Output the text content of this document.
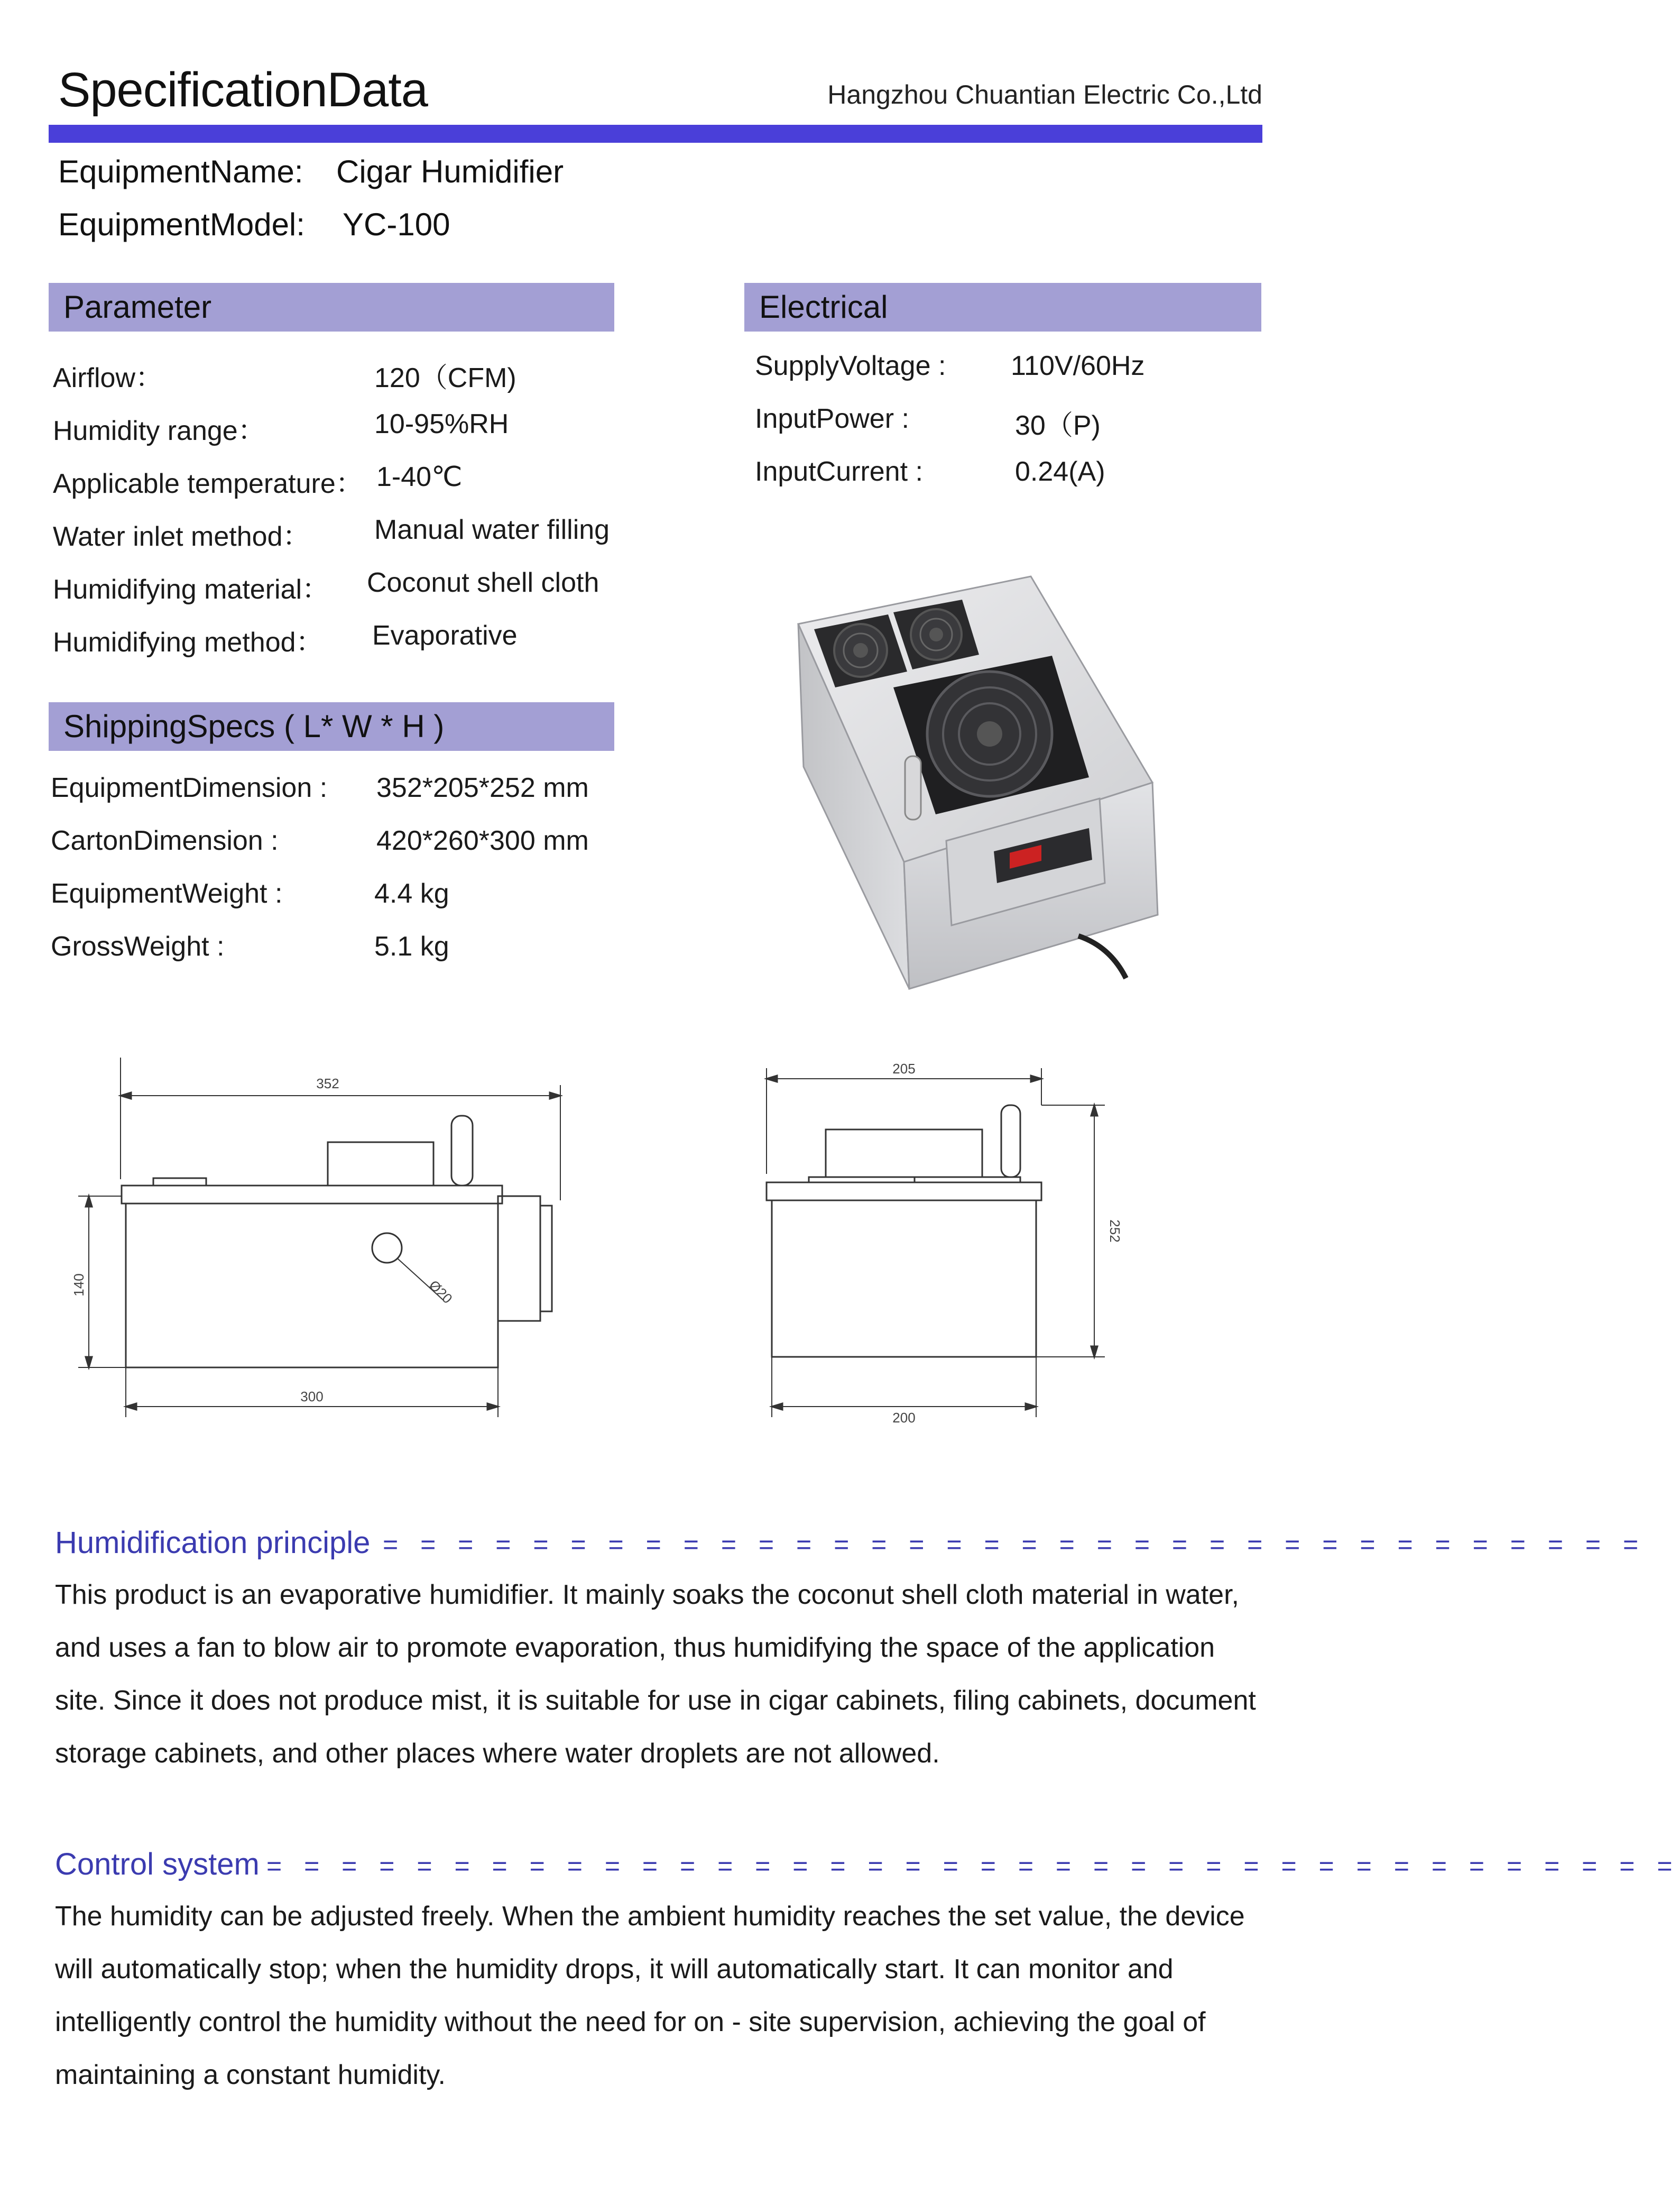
SpecificationData	Hangzhou Chuantian Electric Co.,Ltd
EquipmentName: Cigar Humidifier
EquipmentModel: YC-100
Parameter
Airflow：	120（CFM)
Humidity range：	10-95%RH
Applicable temperature： 1-40℃
Water inlet method： Manual water filling
Humidifying material： Coconut shell cloth
Humidifying method： Evaporative
Electrical
SupplyVoltage : 110V/60Hz
InputPower :	30（P)
InputCurrent :	0.24(A)
ShippingSpecs ( L* W * H )
EquipmentDimension : 352*205*252 mm
CartonDimension :	420*260*300 mm
EquipmentWeight :	4.4 kg
GrossWeight :	5.1 kg
352
140
300
Ø20
205
252
200
Humidification principle = = = = = = = = = = = = = = = = = = = = = = = = = = = = = = = = = =
This product is an evaporative humidifier. It mainly soaks the coconut shell cloth material in water,
and uses a fan to blow air to promote evaporation, thus humidifying the space of the application
site. Since it does not produce mist, it is suitable for use in cigar cabinets, filing cabinets, document
storage cabinets, and other places where water droplets are not allowed.
Control system = = = = = = = = = = = = = = = = = = = = = = = = = = = = = = = = = = = = = =
The humidity can be adjusted freely. When the ambient humidity reaches the set value, the device
will automatically stop; when the humidity drops, it will automatically start. It can monitor and
intelligently control the humidity without the need for on - site supervision, achieving the goal of
maintaining a constant humidity.
